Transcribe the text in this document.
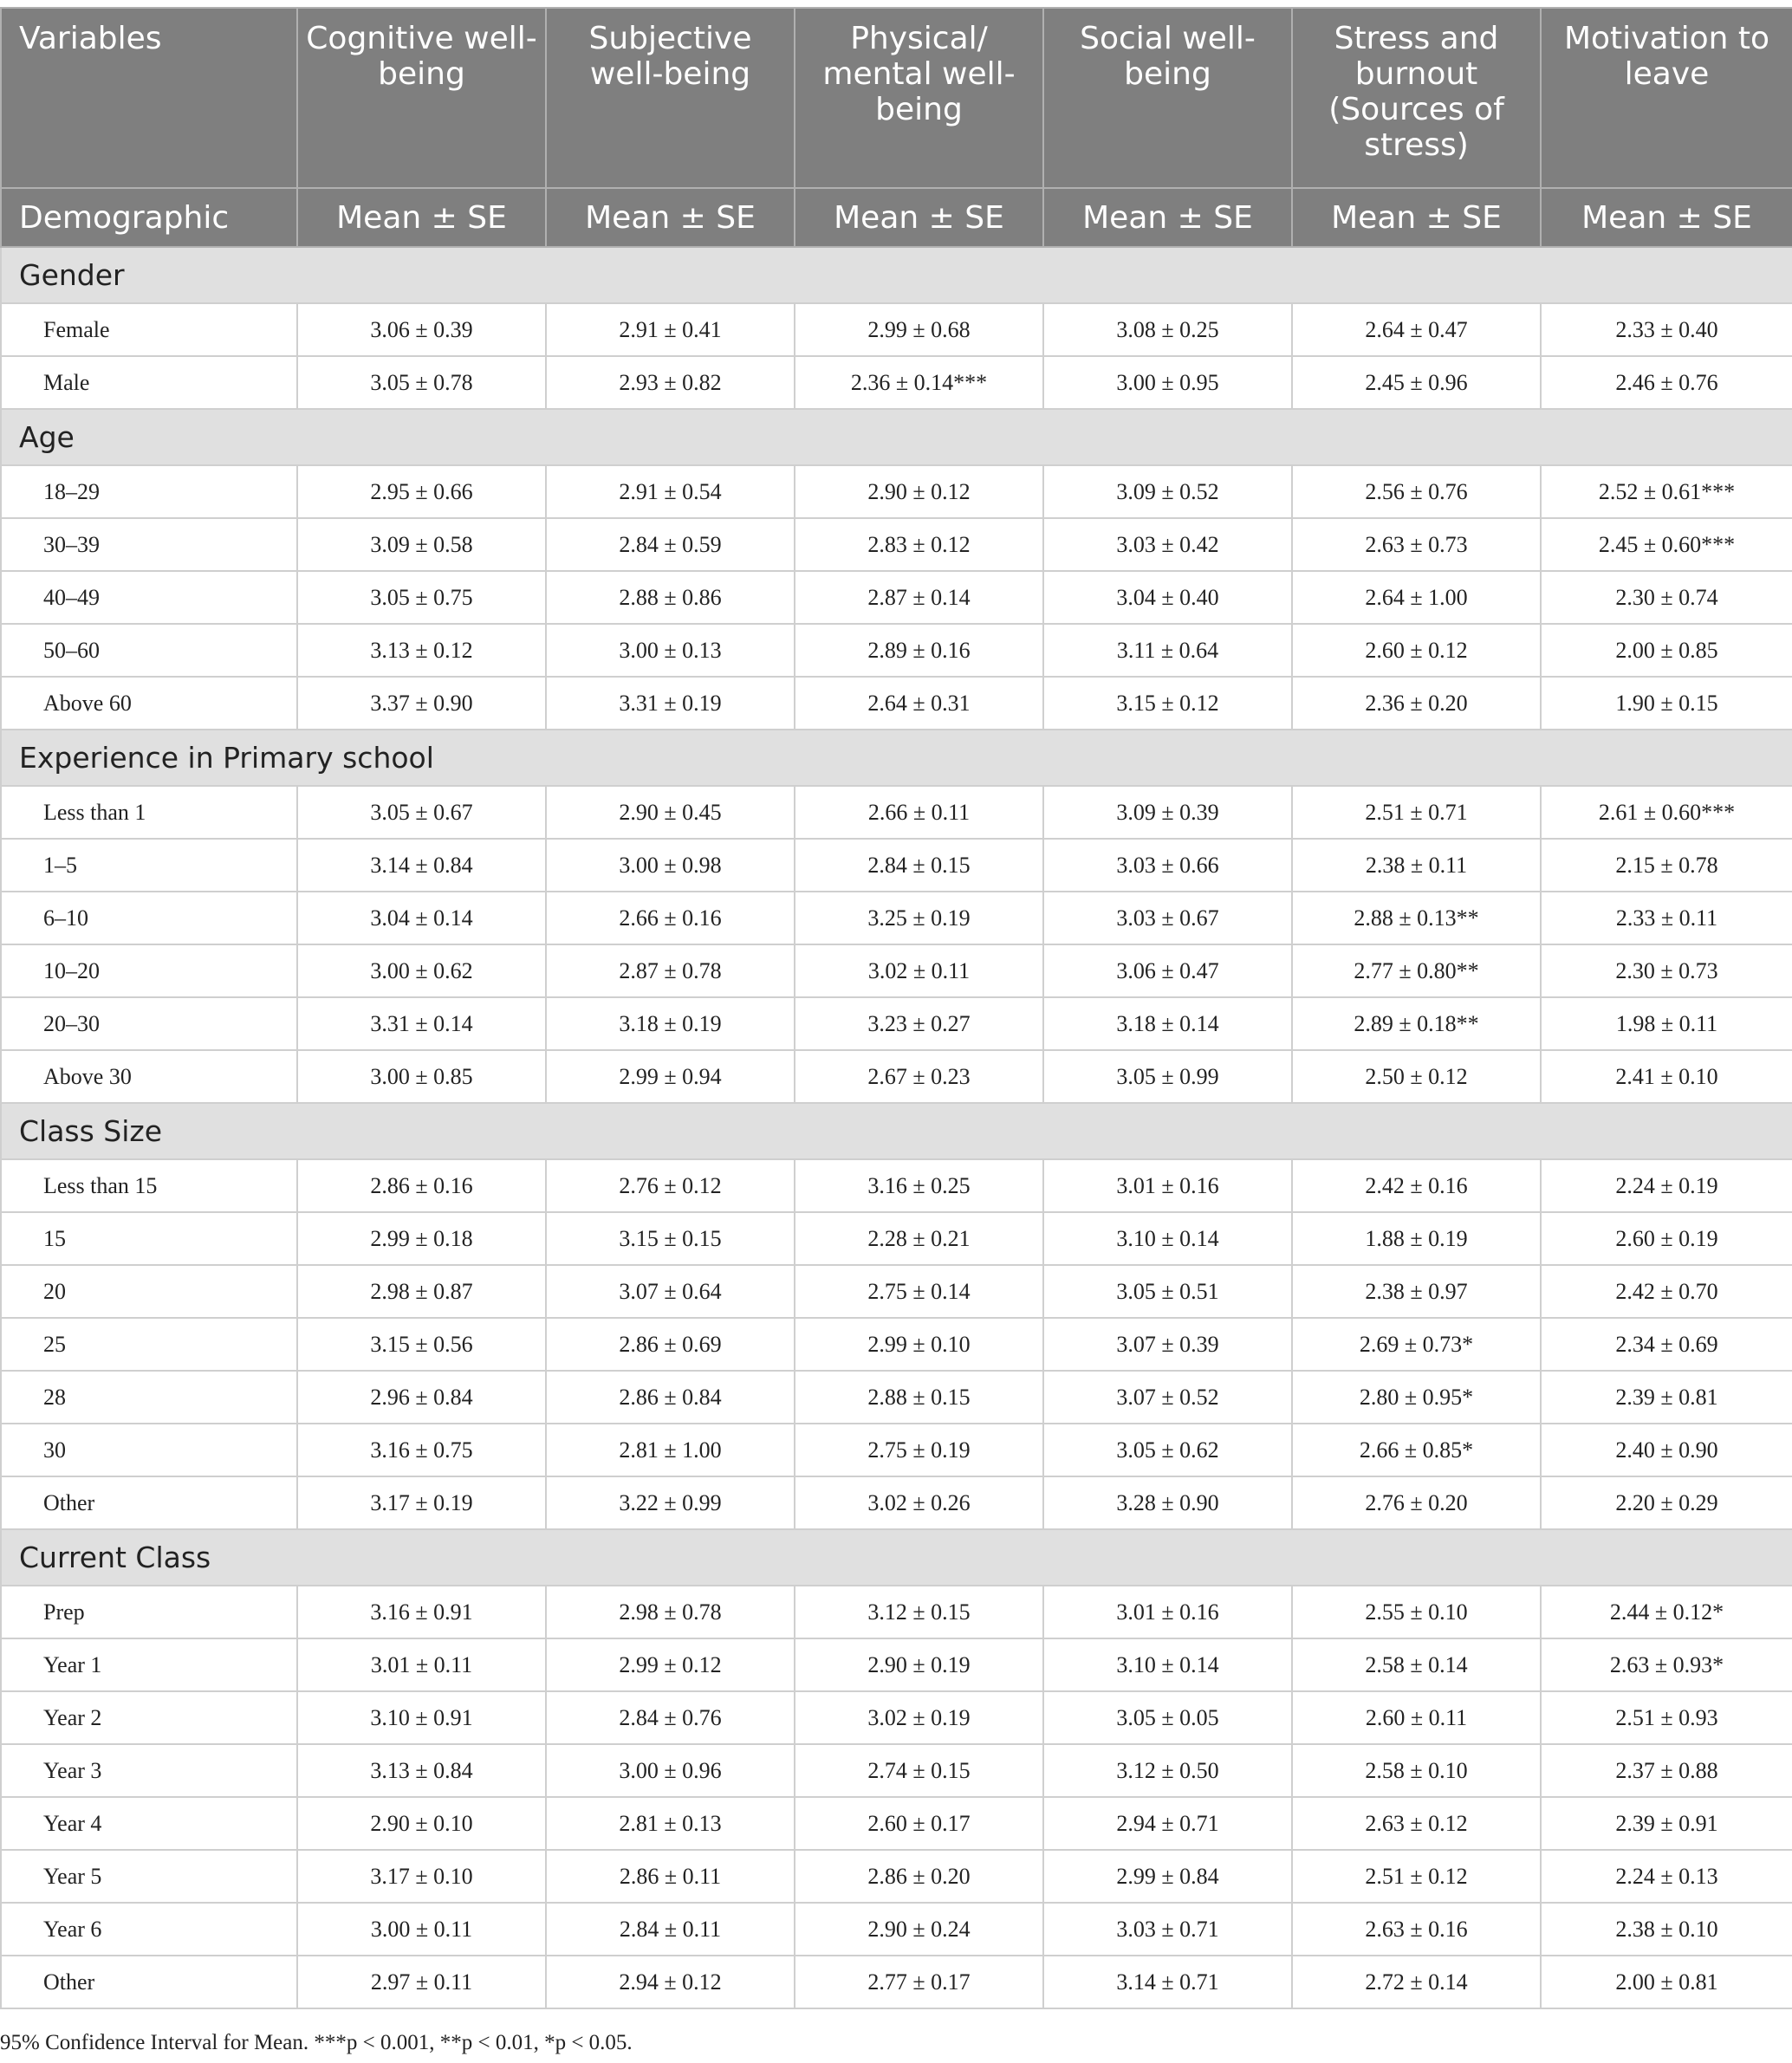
Variables	Cognitive well-being	Subjective well-being	Physical/ mental well-being	Social well-being	Stress and burnout (Sources of stress)	Motivation to leave
Demographic	Mean ± SE	Mean ± SE	Mean ± SE	Mean ± SE	Mean ± SE	Mean ± SE
Gender						
Female	3.06 ± 0.39	2.91 ± 0.41	2.99 ± 0.68	3.08 ± 0.25	2.64 ± 0.47	2.33 ± 0.40
Male	3.05 ± 0.78	2.93 ± 0.82	2.36 ± 0.14***	3.00 ± 0.95	2.45 ± 0.96	2.46 ± 0.76
Age						
18–29	2.95 ± 0.66	2.91 ± 0.54	2.90 ± 0.12	3.09 ± 0.52	2.56 ± 0.76	2.52 ± 0.61***
30–39	3.09 ± 0.58	2.84 ± 0.59	2.83 ± 0.12	3.03 ± 0.42	2.63 ± 0.73	2.45 ± 0.60***
40–49	3.05 ± 0.75	2.88 ± 0.86	2.87 ± 0.14	3.04 ± 0.40	2.64 ± 1.00	2.30 ± 0.74
50–60	3.13 ± 0.12	3.00 ± 0.13	2.89 ± 0.16	3.11 ± 0.64	2.60 ± 0.12	2.00 ± 0.85
Above 60	3.37 ± 0.90	3.31 ± 0.19	2.64 ± 0.31	3.15 ± 0.12	2.36 ± 0.20	1.90 ± 0.15
Experience in Primary school						
Less than 1	3.05 ± 0.67	2.90 ± 0.45	2.66 ± 0.11	3.09 ± 0.39	2.51 ± 0.71	2.61 ± 0.60***
1–5	3.14 ± 0.84	3.00 ± 0.98	2.84 ± 0.15	3.03 ± 0.66	2.38 ± 0.11	2.15 ± 0.78
6–10	3.04 ± 0.14	2.66 ± 0.16	3.25 ± 0.19	3.03 ± 0.67	2.88 ± 0.13**	2.33 ± 0.11
10–20	3.00 ± 0.62	2.87 ± 0.78	3.02 ± 0.11	3.06 ± 0.47	2.77 ± 0.80**	2.30 ± 0.73
20–30	3.31 ± 0.14	3.18 ± 0.19	3.23 ± 0.27	3.18 ± 0.14	2.89 ± 0.18**	1.98 ± 0.11
Above 30	3.00 ± 0.85	2.99 ± 0.94	2.67 ± 0.23	3.05 ± 0.99	2.50 ± 0.12	2.41 ± 0.10
Class Size						
Less than 15	2.86 ± 0.16	2.76 ± 0.12	3.16 ± 0.25	3.01 ± 0.16	2.42 ± 0.16	2.24 ± 0.19
15	2.99 ± 0.18	3.15 ± 0.15	2.28 ± 0.21	3.10 ± 0.14	1.88 ± 0.19	2.60 ± 0.19
20	2.98 ± 0.87	3.07 ± 0.64	2.75 ± 0.14	3.05 ± 0.51	2.38 ± 0.97	2.42 ± 0.70
25	3.15 ± 0.56	2.86 ± 0.69	2.99 ± 0.10	3.07 ± 0.39	2.69 ± 0.73*	2.34 ± 0.69
28	2.96 ± 0.84	2.86 ± 0.84	2.88 ± 0.15	3.07 ± 0.52	2.80 ± 0.95*	2.39 ± 0.81
30	3.16 ± 0.75	2.81 ± 1.00	2.75 ± 0.19	3.05 ± 0.62	2.66 ± 0.85*	2.40 ± 0.90
Other	3.17 ± 0.19	3.22 ± 0.99	3.02 ± 0.26	3.28 ± 0.90	2.76 ± 0.20	2.20 ± 0.29
Current Class						
Prep	3.16 ± 0.91	2.98 ± 0.78	3.12 ± 0.15	3.01 ± 0.16	2.55 ± 0.10	2.44 ± 0.12*
Year 1	3.01 ± 0.11	2.99 ± 0.12	2.90 ± 0.19	3.10 ± 0.14	2.58 ± 0.14	2.63 ± 0.93*
Year 2	3.10 ± 0.91	2.84 ± 0.76	3.02 ± 0.19	3.05 ± 0.05	2.60 ± 0.11	2.51 ± 0.93
Year 3	3.13 ± 0.84	3.00 ± 0.96	2.74 ± 0.15	3.12 ± 0.50	2.58 ± 0.10	2.37 ± 0.88
Year 4	2.90 ± 0.10	2.81 ± 0.13	2.60 ± 0.17	2.94 ± 0.71	2.63 ± 0.12	2.39 ± 0.91
Year 5	3.17 ± 0.10	2.86 ± 0.11	2.86 ± 0.20	2.99 ± 0.84	2.51 ± 0.12	2.24 ± 0.13
Year 6	3.00 ± 0.11	2.84 ± 0.11	2.90 ± 0.24	3.03 ± 0.71	2.63 ± 0.16	2.38 ± 0.10
Other	2.97 ± 0.11	2.94 ± 0.12	2.77 ± 0.17	3.14 ± 0.71	2.72 ± 0.14	2.00 ± 0.81
95% Confidence Interval for Mean. ***p < 0.001, **p < 0.01, *p < 0.05.
